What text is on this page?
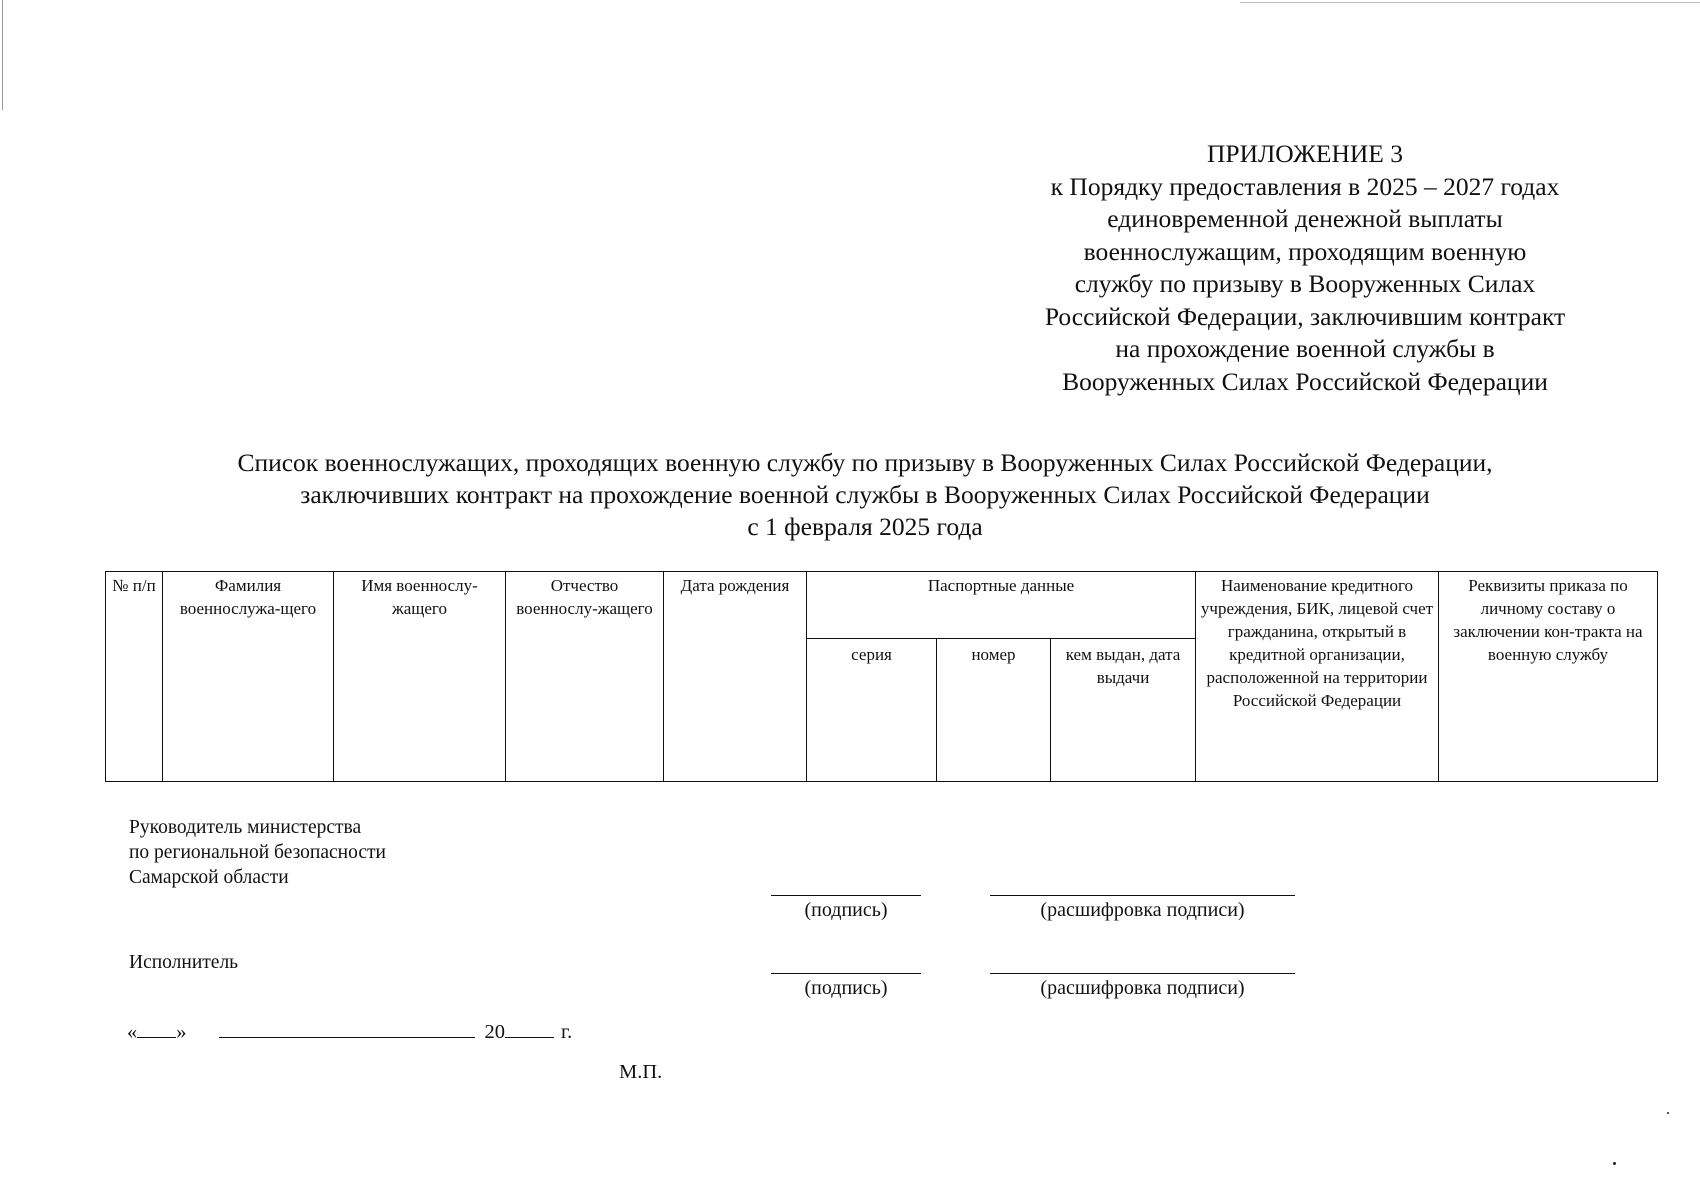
ПРИЛОЖЕНИЕ 3
к Порядку предоставления в 2025 – 2027 годах
единовременной денежной выплаты
военнослужащим, проходящим военную
службу по призыву в Вооруженных Силах
Российской Федерации, заключившим контракт
на прохождение военной службы в
Вооруженных Силах Российской Федерации
Список военнослужащих, проходящих военную службу по призыву в Вооруженных Силах Российской Федерации,
заключивших контракт на прохождение военной службы в Вооруженных Силах Российской Федерации
с 1 февраля 2025 года
№ п/п	Фамилия военнослужа-щего	Имя военнослу-жащего	Отчество военнослу-жащего	Дата рождения	Паспортные данные			Наименование кредитного учреждения, БИК, лицевой счет гражданина, открытый в кредитной организации, расположенной на территории Российской Федерации	Реквизиты приказа по личному составу о заключении кон-тракта на военную службу
					серия	номер	кем выдан, дата выдачи		
Руководитель министерства
по региональной безопасности
Самарской области
(подпись)	(расшифровка подписи)
Исполнитель
(подпись)	(расшифровка подписи)
« »	20	г.
М.П.
